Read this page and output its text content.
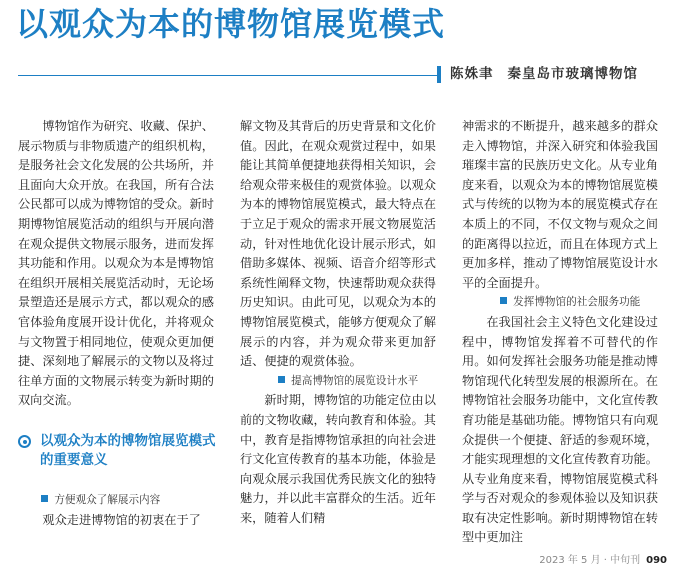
以观众为本的博物馆展览模式
陈姝聿 秦皇岛市玻璃博物馆

博物馆作为研究、收藏、保护、展示物质与非物质遗产的组织机构，是服务社会文化发展的公共场所，并且面向大众开放。在我国，所有合法公民都可以成为博物馆的受众。新时期博物馆展览活动的组织与开展向潜在观众提供文物展示服务，进而发挥其功能和作用。以观众为本是博物馆在组织开展相关展览活动时，无论场景塑造还是展示方式，都以观众的感官体验角度展开设计优化，并将观众与文物置于相同地位，使观众更加便捷、深刻地了解展示的文物以及将过往单方面的文物展示转变为新时期的双向交流。

以观众为本的博物馆展览模式的重要意义

方便观众了解展示内容

观众走进博物馆的初衷在于了

解文物及其背后的历史背景和文化价值。因此，在观众观赏过程中，如果能让其简单便捷地获得相关知识，会给观众带来极佳的观赏体验。以观众为本的博物馆展览模式，最大特点在于立足于观众的需求开展文物展览活动，针对性地优化设计展示形式，如借助多媒体、视频、语音介绍等形式系统性阐释文物，快速帮助观众获得历史知识。由此可见，以观众为本的博物馆展览模式，能够方便观众了解展示的内容，并为观众带来更加舒适、便捷的观赏体验。

提高博物馆的展览设计水平

新时期，博物馆的功能定位由以前的文物收藏，转向教育和体验。其中，教育是指博物馆承担的向社会进行文化宣传教育的基本功能，体验是向观众展示我国优秀民族文化的独特魅力，并以此丰富群众的生活。近年来，随着人们精

神需求的不断提升，越来越多的群众走入博物馆，并深入研究和体验我国璀璨丰富的民族历史文化。从专业角度来看，以观众为本的博物馆展览模式与传统的以物为本的展览模式存在本质上的不同，不仅文物与观众之间的距离得以拉近，而且在体现方式上更加多样，推动了博物馆展览设计水平的全面提升。

发挥博物馆的社会服务功能

在我国社会主义特色文化建设过程中，博物馆发挥着不可替代的作用。如何发挥社会服务功能是推动博物馆现代化转型发展的根源所在。在博物馆社会服务功能中，文化宣传教育功能是基础功能。博物馆只有向观众提供一个便捷、舒适的参观环境，才能实现理想的文化宣传教育功能。从专业角度来看，博物馆展览模式科学与否对观众的参观体验以及知识获取有决定性影响。新时期博物馆在转型中更加注

2023 年 5 月 · 中旬刊 090
